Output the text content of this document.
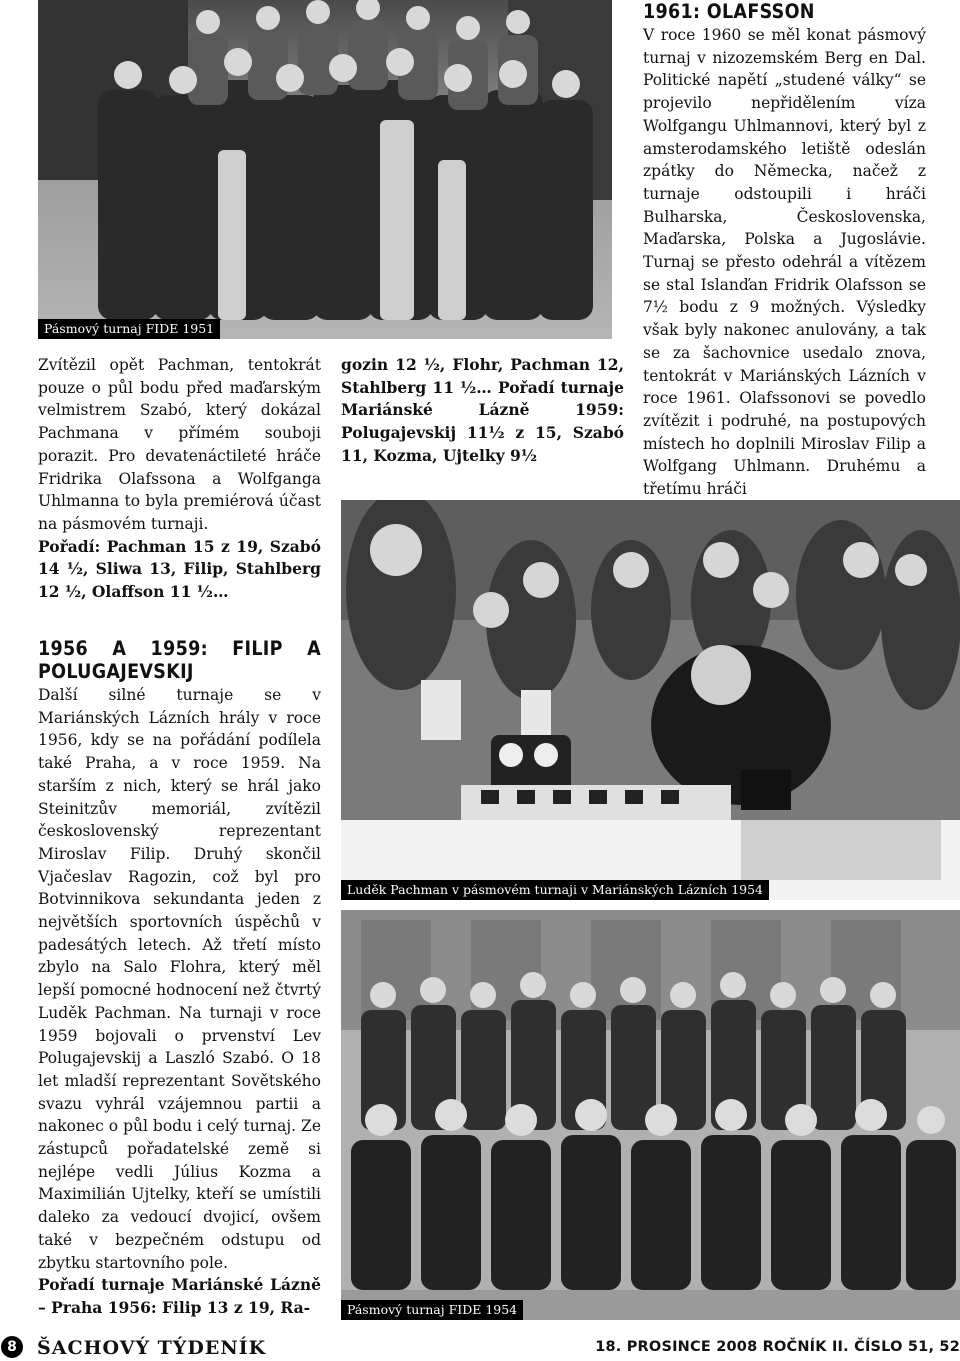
Pásmový turnaj FIDE 1951

Zvítězil opět Pachman, tentokrát pouze o půl bodu před maďarským velmistrem Szabó, který dokázal Pachmana v přímém souboji porazit. Pro devatenáctileté hráče Fridrika Olafssona a Wolfganga Uhlmanna to byla premiérová účast na pásmovém turnaji.

Pořadí: Pachman 15 z 19, Szabó 14 ½, Sliwa 13, Filip, Stahlberg 12 ½, Olaffson 11 ½…

1956 A 1959: FILIP A POLUGAJEVSKIJ

Další silné turnaje se v Mariánských Lázních hrály v roce 1956, kdy se na pořádání podílela také Praha, a v roce 1959. Na starším z nich, který se hrál jako Steinitzův memoriál, zvítězil československý reprezentant Miroslav Filip. Druhý skončil Vjačeslav Ragozin, což byl pro Botvinnikova sekundanta jeden z největších sportovních úspěchů v padesátých letech. Až třetí místo zbylo na Salo Flohra, který měl lepší pomocné hodnocení než čtvrtý Luděk Pachman. Na turnaji v roce 1959 bojovali o prvenství Lev Polugajevskij a Laszló Szabó. O 18 let mladší reprezentant Sovětského svazu vyhrál vzájemnou partii a nakonec o půl bodu i celý turnaj. Ze zástupců pořadatelské země si nejlépe vedli Július Kozma a Maximilián Ujtelky, kteří se umístili daleko za vedoucí dvojicí, ovšem také v bezpečném odstupu od zbytku startovního pole.

Pořadí turnaje Mariánské Lázně – Praha 1956: Filip 13 z 19, Ra-

gozin 12 ½, Flohr, Pachman 12, Stahlberg 11 ½… Pořadí turnaje Mariánské Lázně 1959: Polugajevskij 11½ z 15, Szabó 11, Kozma, Ujtelky 9½

1961: OLAFSSON

V roce 1960 se měl konat pásmový turnaj v nizozemském Berg en Dal. Politické napětí „studené války“ se projevilo nepřidělením víza Wolfgangu Uhlmannovi, který byl z amsterodamského letiště odeslán zpátky do Německa, načež z turnaje odstoupili i hráči Bulharska, Československa, Maďarska, Polska a Jugoslávie. Turnaj se přesto odehrál a vítězem se stal Islanďan Fridrik Olafsson se 7½ bodu z 9 možných. Výsledky však byly nakonec anulovány, a tak se za šachovnice usedalo znova, tentokrát v Mariánských Lázních v roce 1961. Olafssonovi se povedlo zvítězit i podruhé, na postupových místech ho doplnili Miroslav Filip a Wolfgang Uhlmann. Druhému a třetímu hráči

Luděk Pachman v pásmovém turnaji v Mariánských Lázních 1954
Pásmový turnaj FIDE 1954
8	ŠACHOVÝ TÝDENÍK	18. PROSINCE 2008 ROČNÍK II. ČÍSLO 51, 52
